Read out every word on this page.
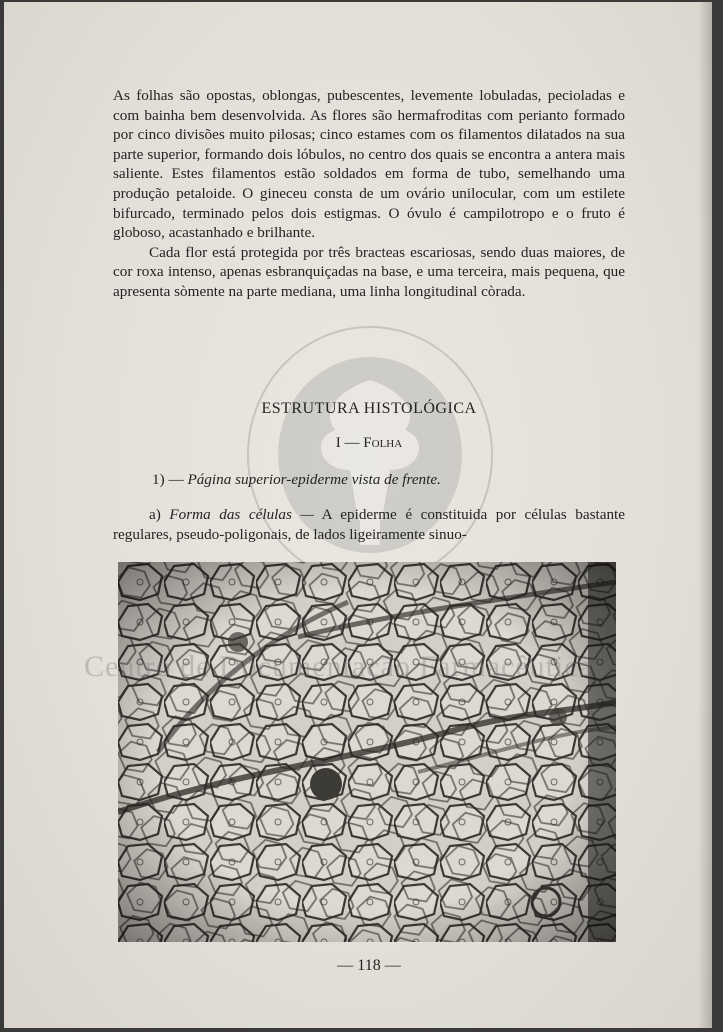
As folhas são opostas, oblongas, pubescentes, levemente lobuladas, pecioladas e com bainha bem desenvolvida. As flores são hermafroditas com perianto formado por cinco divisões muito pilosas; cinco estames com os filamentos dilatados na sua parte superior, formando dois lóbulos, no centro dos quais se encontra a antera mais saliente. Estes filamentos estão soldados em forma de tubo, semelhando uma produção petaloide. O gineceu consta de um ovário unilocular, com um estilete bifurcado, terminado pelos dois estigmas. O óvulo é campilotropo e o fruto é globoso, acastanhado e brilhante.

Cada flor está protegida por três bracteas escariosas, sendo duas maiores, de cor roxa intenso, apenas esbranquiçadas na base, e uma terceira, mais pequena, que apresenta sòmente na parte mediana, uma linha longitudinal còrada.

ESTRUTURA HISTOLÓGICA
I — Folha
1) — Página superior-epiderme vista de frente.
a) Forma das células — A epiderme é constituida por células bastante regulares, pseudo-poligonais, de lados ligeiramente sinuo-
Centro de Documentação Farmacêutica
— 118 —
